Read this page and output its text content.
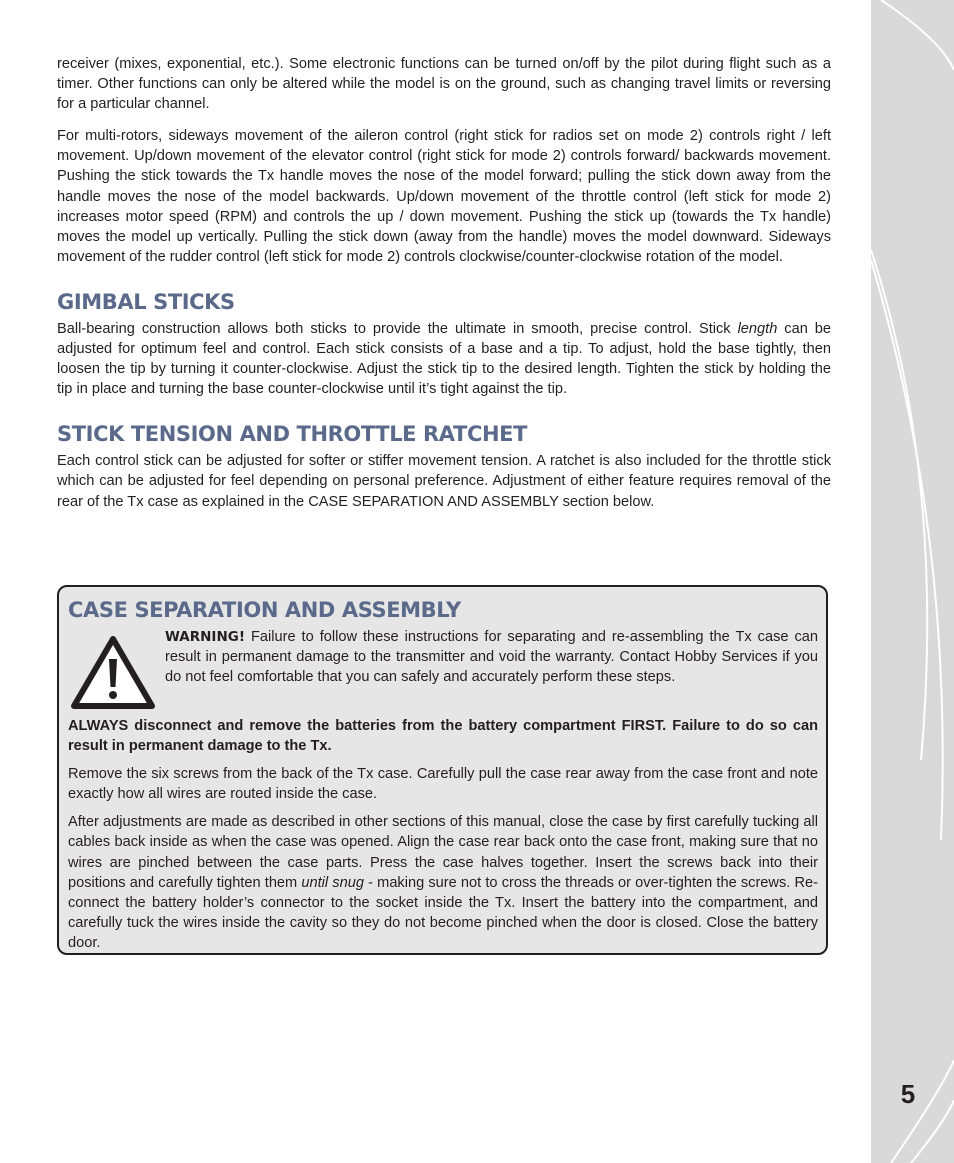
5

receiver (mixes, exponential, etc.). Some electronic functions can be turned on/off by the pilot during flight such as a timer. Other functions can only be altered while the model is on the ground, such as changing travel limits or reversing for a particular channel.

For multi-rotors, sideways movement of the aileron control (right stick for radios set on mode 2) controls right / left movement. Up/down movement of the elevator control (right stick for mode 2) controls forward/ backwards movement. Pushing the stick towards the Tx handle moves the nose of the model forward; pulling the stick down away from the handle moves the nose of the model backwards. Up/down movement of the throttle control (left stick for mode 2) increases motor speed (RPM) and controls the up / down movement. Pushing the stick up (towards the Tx handle) moves the model up vertically. Pulling the stick down (away from the handle) moves the model downward. Sideways movement of the rudder control (left stick for mode 2) controls clockwise/counter-clockwise rotation of the model.

GIMBAL STICKS

Ball-bearing construction allows both sticks to provide the ultimate in smooth, precise control. Stick length can be adjusted for optimum feel and control. Each stick consists of a base and a tip. To adjust, hold the base tightly, then loosen the tip by turning it counter-clockwise. Adjust the stick tip to the desired length. Tighten the stick by holding the tip in place and turning the base counter-clockwise until it’s tight against the tip.

STICK TENSION AND THROTTLE RATCHET

Each control stick can be adjusted for softer or stiffer movement tension. A ratchet is also included for the throttle stick which can be adjusted for feel depending on personal preference. Adjustment of either feature requires removal of the rear of the Tx case as explained in the CASE SEPARATION AND ASSEMBLY section below.

CASE SEPARATION AND ASSEMBLY

WARNING! Failure to follow these instructions for separating and re-assembling the Tx case can result in permanent damage to the transmitter and void the warranty. Contact Hobby Services if you do not feel comfortable that you can safely and accurately perform these steps.

ALWAYS disconnect and remove the batteries from the battery compartment FIRST. Failure to do so can result in permanent damage to the Tx.

Remove the six screws from the back of the Tx case. Carefully pull the case rear away from the case front and note exactly how all wires are routed inside the case.

After adjustments are made as described in other sections of this manual, close the case by first carefully tucking all cables back inside as when the case was opened. Align the case rear back onto the case front, making sure that no wires are pinched between the case parts. Press the case halves together. Insert the screws back into their positions and carefully tighten them until snug - making sure not to cross the threads or over-tighten the screws. Re-connect the battery holder’s connector to the socket inside the Tx. Insert the battery into the compartment, and carefully tuck the wires inside the cavity so they do not become pinched when the door is closed. Close the battery door.
